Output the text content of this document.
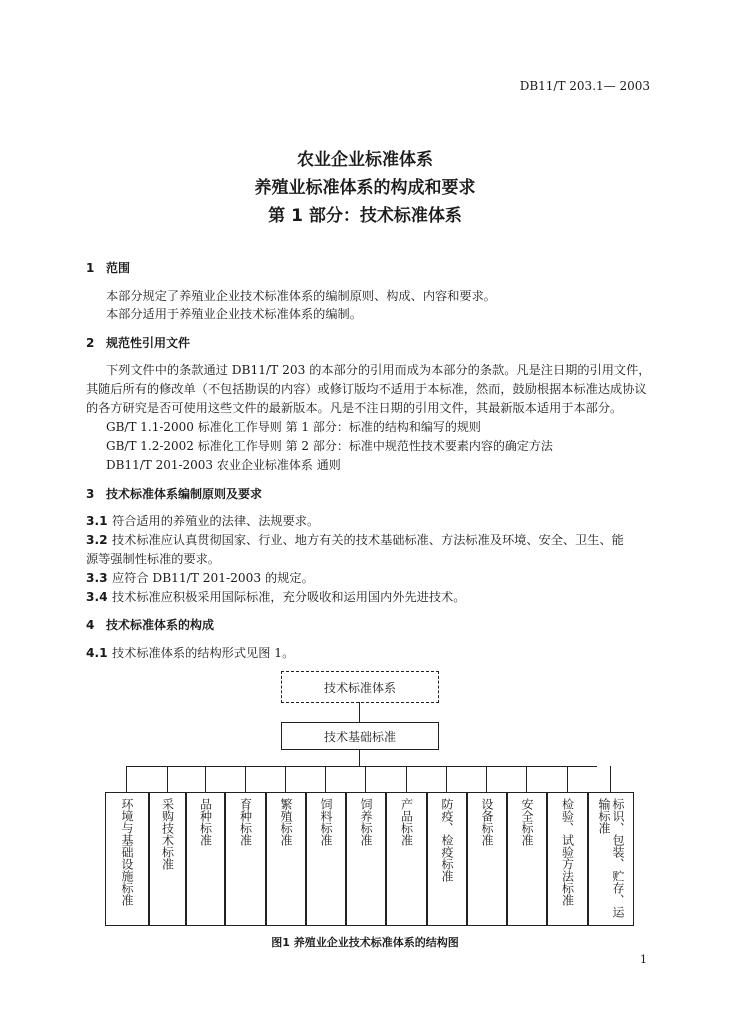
DB11/T 203.1— 2003
农业企业标准体系
养殖业标准体系的构成和要求
第 1 部分：技术标准体系
1 范围
本部分规定了养殖业企业技术标准体系的编制原则、构成、内容和要求。
本部分适用于养殖业企业技术标准体系的编制。
2 规范性引用文件
下列文件中的条款通过 DB11/T 203 的本部分的引用而成为本部分的条款。凡是注日期的引用文件，
其随后所有的修改单（不包括勘误的内容）或修订版均不适用于本标准，然而，鼓励根据本标准达成协议
的各方研究是否可使用这些文件的最新版本。凡是不注日期的引用文件，其最新版本适用于本部分。
GB/T 1.1-2000 标准化工作导则 第 1 部分：标准的结构和编写的规则
GB/T 1.2-2002 标准化工作导则 第 2 部分：标准中规范性技术要素内容的确定方法
DB11/T 201-2003 农业企业标准体系 通则
3 技术标准体系编制原则及要求
3.1 符合适用的养殖业的法律、法规要求。
3.2 技术标准应认真贯彻国家、行业、地方有关的技术基础标准、方法标准及环境、安全、卫生、能
源等强制性标准的要求。
3.3 应符合 DB11/T 201-2003 的规定。
3.4 技术标准应积极采用国际标准，充分吸收和运用国内外先进技术。
4 技术标准体系的构成
4.1 技术标准体系的结构形式见图 1。
技术标准体系
技术基础标准
环境与基础设施标准 采购技术标准 品种标准 育种标准 繁殖标准 饲料标准 饲养标准 产品标准 防疫、检疫标准 设备标准 安全标准 检验、试验方法标准	标识、包装、贮存、运输标准
图1 养殖业企业技术标准体系的结构图
1
